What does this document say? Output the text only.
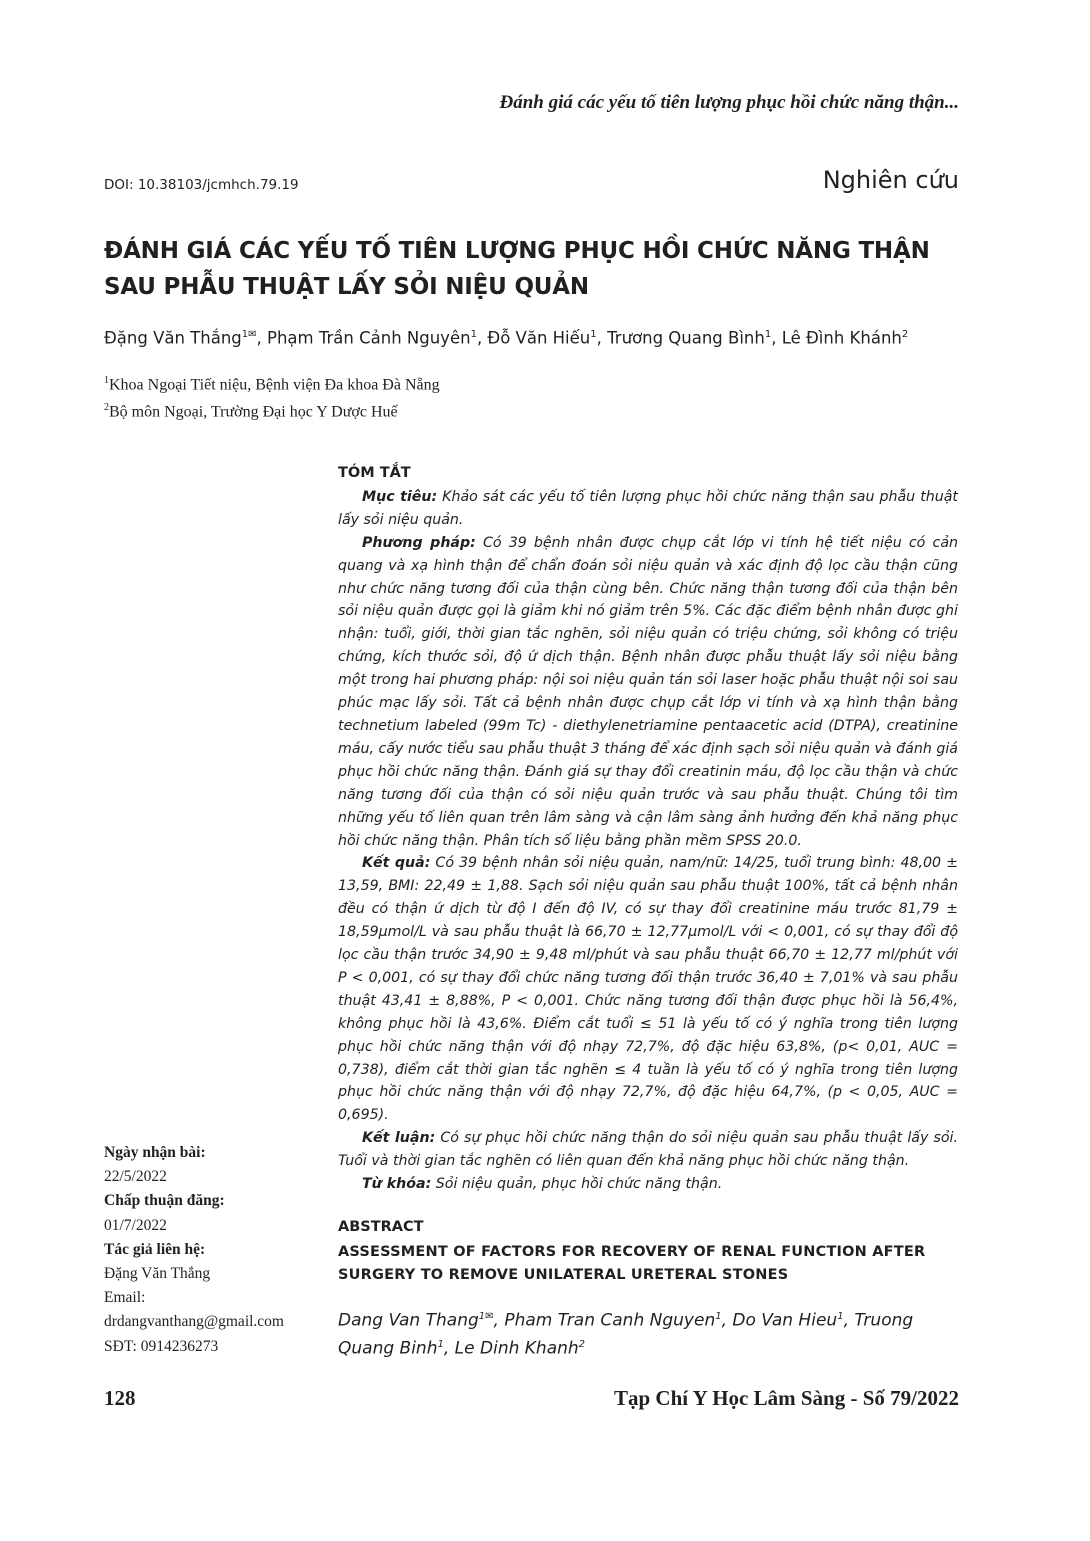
Đánh giá các yếu tố tiên lượng phục hồi chức năng thận...
DOI: 10.38103/jcmhch.79.19	Nghiên cứu
ĐÁNH GIÁ CÁC YẾU TỐ TIÊN LƯỢNG PHỤC HỒI CHỨC NĂNG THẬN
SAU PHẪU THUẬT LẤY SỎI NIỆU QUẢN
Đặng Văn Thắng$^{1✉}$, Phạm Trần Cảnh Nguyên$^1$, Đỗ Văn Hiếu$^1$, Trương Quang Bình$^1$, Lê Đình Khánh$^2$
$^1$Khoa Ngoại Tiết niệu, Bệnh viện Đa khoa Đà Nẵng
$^2$Bộ môn Ngoại, Trường Đại học Y Dược Huế
TÓM TẮT

Mục tiêu: Khảo sát các yếu tố tiên lượng phục hồi chức năng thận sau phẫu thuật lấy sỏi niệu quản.

Phương pháp: Có 39 bệnh nhân được chụp cắt lớp vi tính hệ tiết niệu có cản quang và xạ hình thận để chẩn đoán sỏi niệu quản và xác định độ lọc cầu thận cũng như chức năng tương đối của thận cùng bên. Chức năng thận tương đối của thận bên sỏi niệu quản được gọi là giảm khi nó giảm trên 5%. Các đặc điểm bệnh nhân được ghi nhận: tuổi, giới, thời gian tắc nghẽn, sỏi niệu quản có triệu chứng, sỏi không có triệu chứng, kích thước sỏi, độ ứ dịch thận. Bệnh nhân được phẫu thuật lấy sỏi niệu bằng một trong hai phương pháp: nội soi niệu quản tán sỏi laser hoặc phẫu thuật nội soi sau phúc mạc lấy sỏi. Tất cả bệnh nhân được chụp cắt lớp vi tính và xạ hình thận bằng technetium labeled (99m Tc) - diethylenetriamine pentaacetic acid (DTPA), creatinine máu, cấy nước tiểu sau phẫu thuật 3 tháng để xác định sạch sỏi niệu quản và đánh giá phục hồi chức năng thận. Đánh giá sự thay đổi creatinin máu, độ lọc cầu thận và chức năng tương đối của thận có sỏi niệu quản trước và sau phẫu thuật. Chúng tôi tìm những yếu tố liên quan trên lâm sàng và cận lâm sàng ảnh hưởng đến khả năng phục hồi chức năng thận. Phân tích số liệu bằng phần mềm SPSS 20.0.

Kết quả: Có 39 bệnh nhân sỏi niệu quản, nam/nữ: 14/25, tuổi trung bình: 48,00 ± 13,59, BMI: 22,49 ± 1,88. Sạch sỏi niệu quản sau phẫu thuật 100%, tất cả bệnh nhân đều có thận ứ dịch từ độ I đến độ IV, có sự thay đổi creatinine máu trước 81,79 ± 18,59μmol/L và sau phẫu thuật là 66,70 ± 12,77μmol/L với < 0,001, có sự thay đổi độ lọc cầu thận trước 34,90 ± 9,48 ml/phút và sau phẫu thuật 66,70 ± 12,77 ml/phút với P < 0,001, có sự thay đổi chức năng tương đối thận trước 36,40 ± 7,01% và sau phẫu thuật 43,41 ± 8,88%, P < 0,001. Chức năng tương đối thận được phục hồi là 56,4%, không phục hồi là 43,6%. Điểm cắt tuổi ≤ 51 là yếu tố có ý nghĩa trong tiên lượng phục hồi chức năng thận với độ nhạy 72,7%, độ đặc hiệu 63,8%, (p< 0,01, AUC = 0,738), điểm cắt thời gian tắc nghẽn ≤ 4 tuần là yếu tố có ý nghĩa trong tiên lượng phục hồi chức năng thận với độ nhạy 72,7%, độ đặc hiệu 64,7%, (p < 0,05, AUC = 0,695).

Kết luận: Có sự phục hồi chức năng thận do sỏi niệu quản sau phẫu thuật lấy sỏi. Tuổi và thời gian tắc nghẽn có liên quan đến khả năng phục hồi chức năng thận.

Từ khóa: Sỏi niệu quản, phục hồi chức năng thận.

ABSTRACT
ASSESSMENT OF FACTORS FOR RECOVERY OF RENAL FUNCTION AFTER
SURGERY TO REMOVE UNILATERAL URETERAL STONES
Dang Van Thang$^{1✉}$, Pham Tran Canh Nguyen$^1$, Do Van Hieu$^1$, Truong Quang Binh$^1$, Le Dinh Khanh$^2$
Ngày nhận bài:
22/5/2022
Chấp thuận đăng:
01/7/2022
Tác giả liên hệ:
Đặng Văn Thắng
Email:
drdangvanthang@gmail.com
SĐT: 0914236273
128	Tạp Chí Y Học Lâm Sàng - Số 79/2022
